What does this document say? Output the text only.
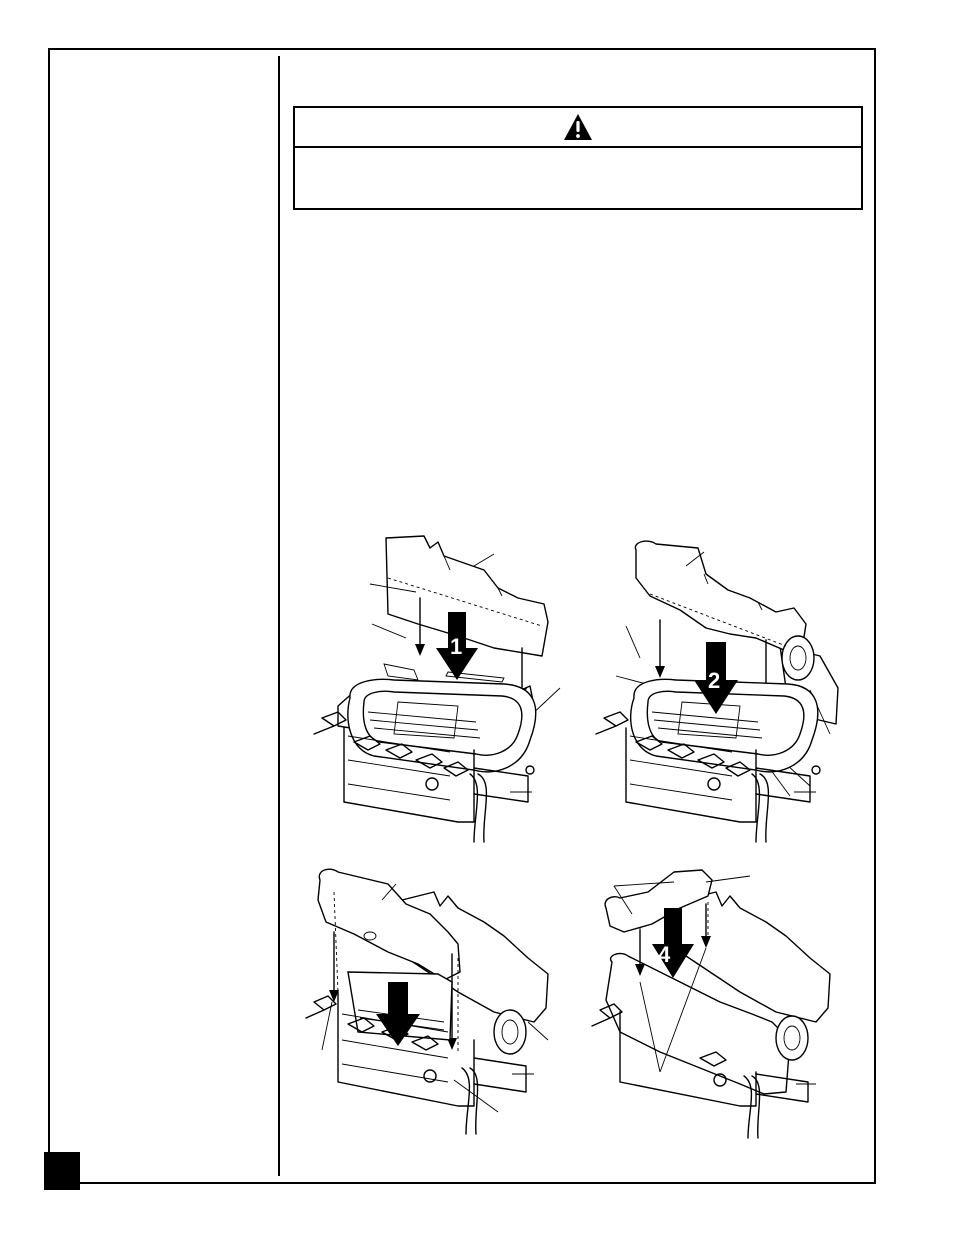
1
2
4
